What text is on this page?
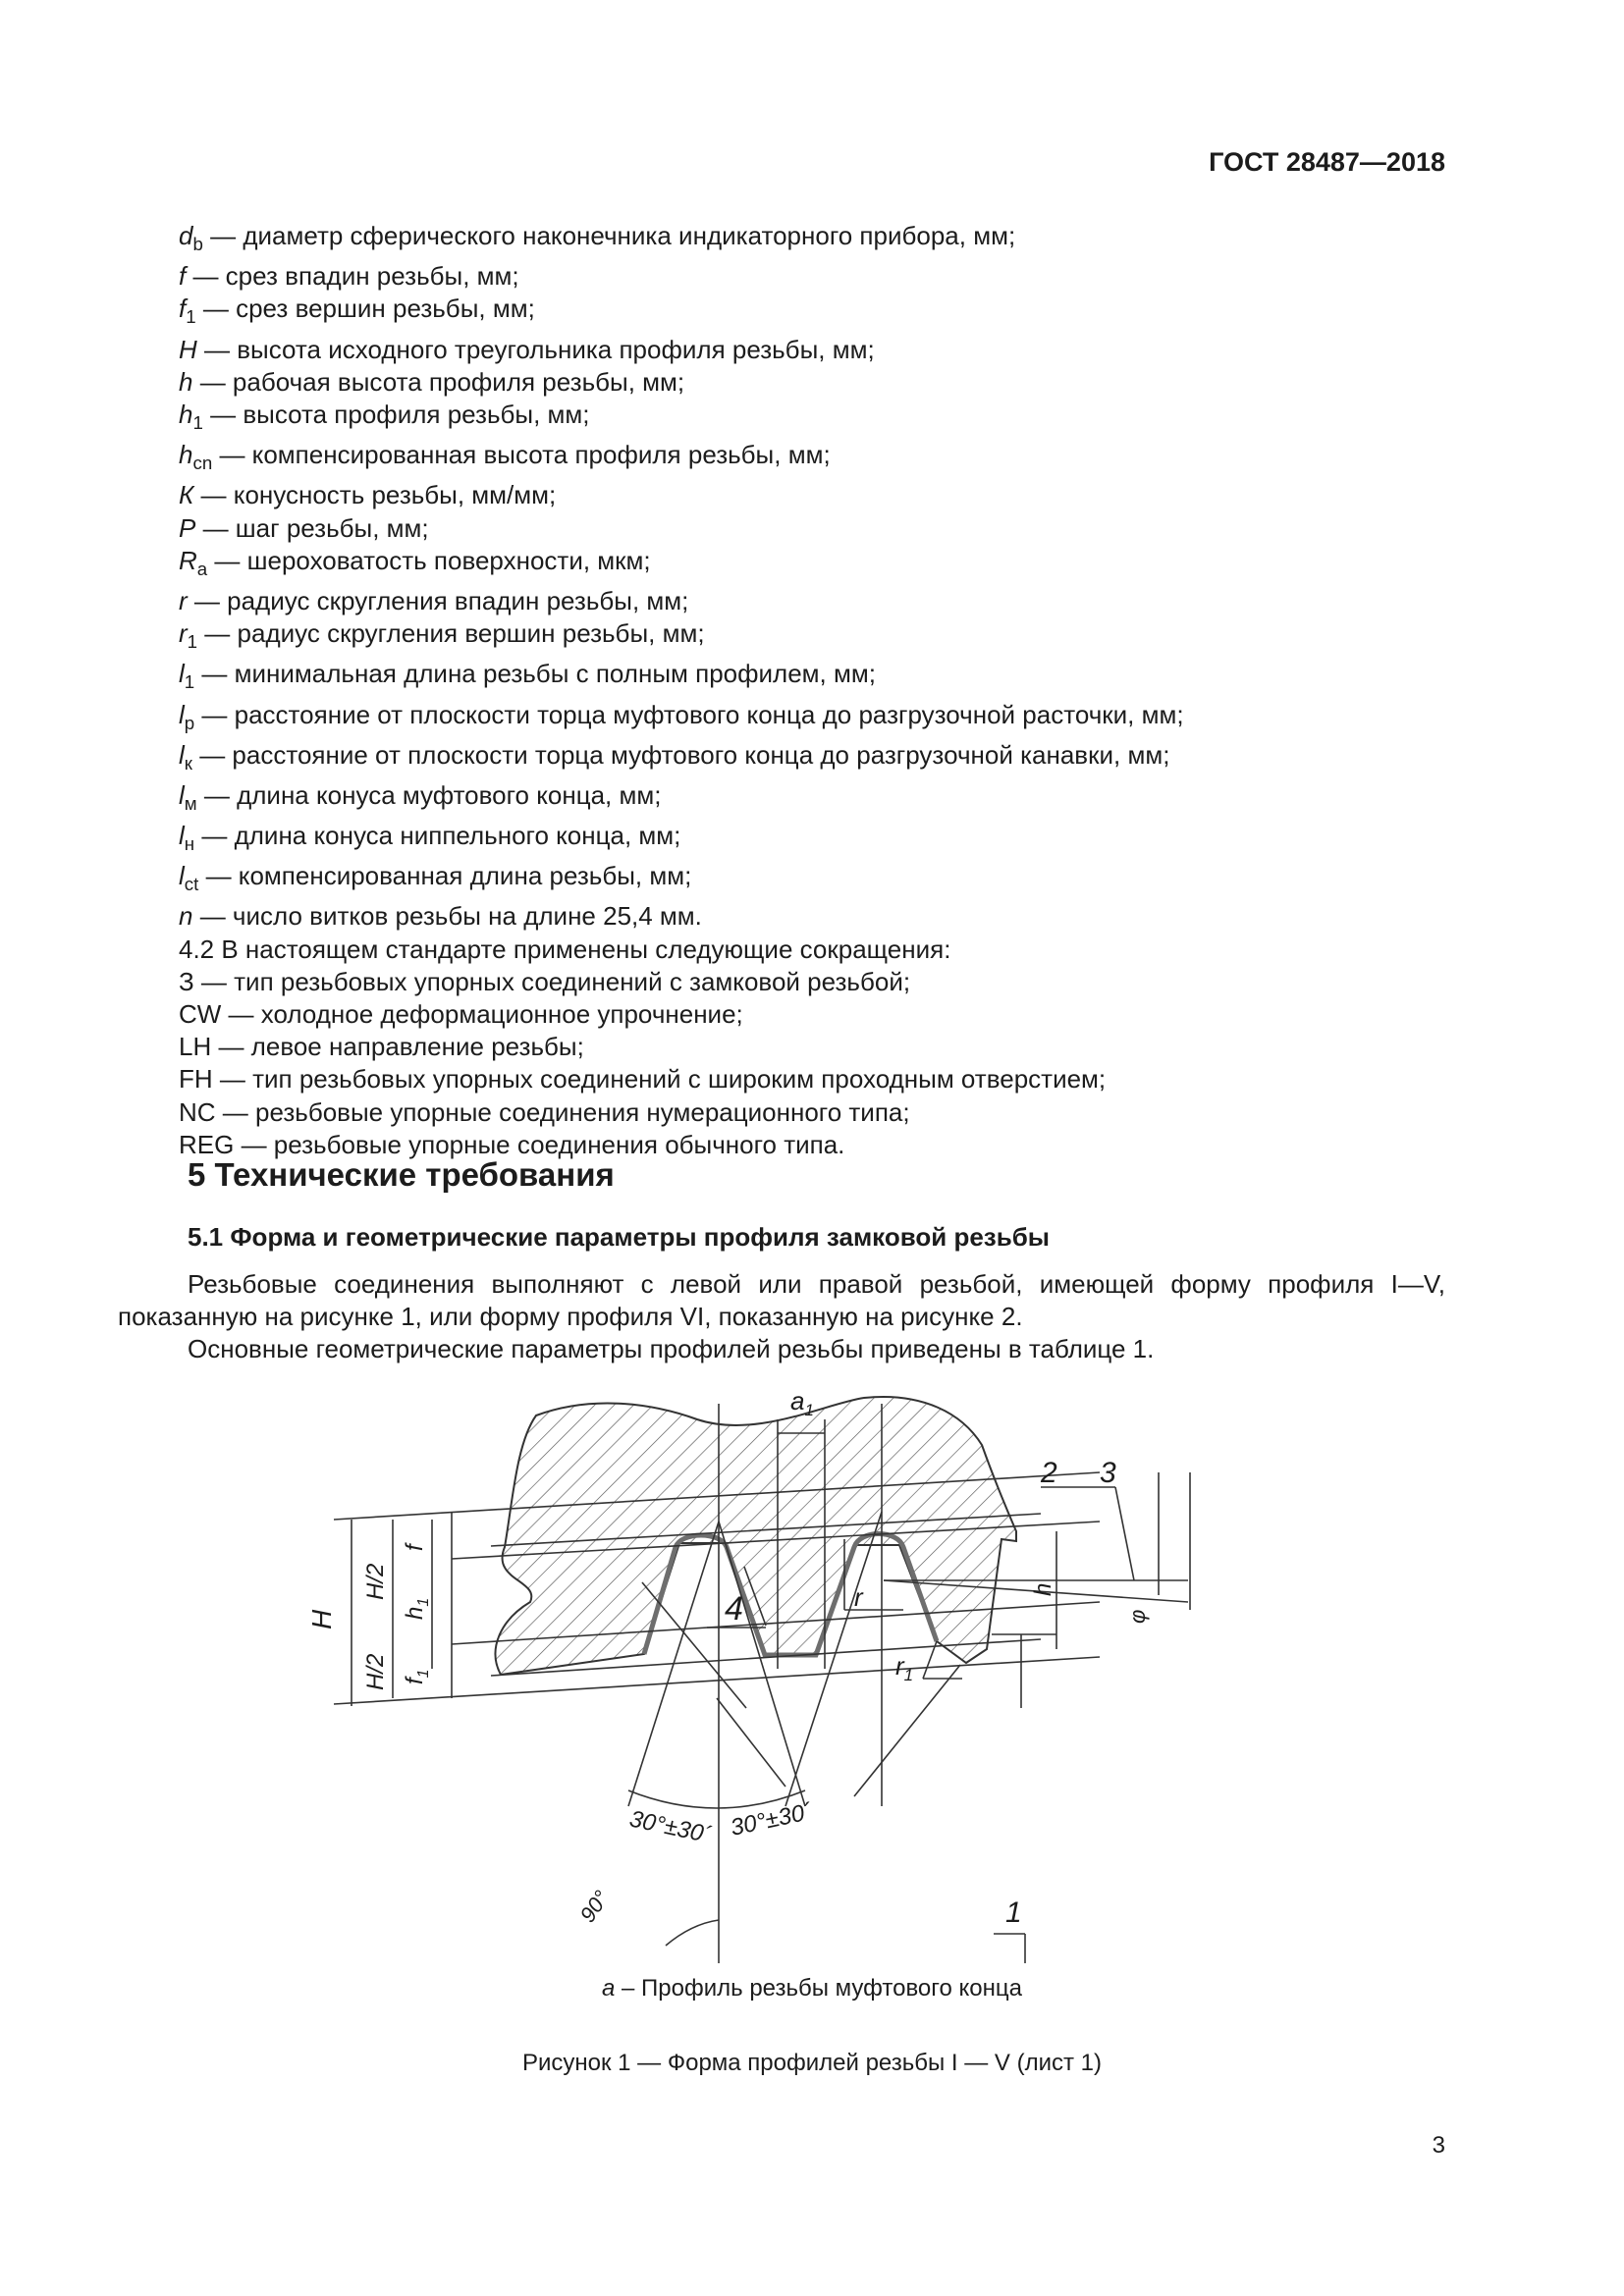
ГОСТ 28487—2018
$d_b$ — диаметр сферического наконечника индикаторного прибора, мм;
f — срез впадин резьбы, мм;
$f_1$ — срез вершин резьбы, мм;
H — высота исходного треугольника профиля резьбы, мм;
h — рабочая высота профиля резьбы, мм;
$h_1$ — высота профиля резьбы, мм;
$h_{cn}$ — компенсированная высота профиля резьбы, мм;
К — конусность резьбы, мм/мм;
P — шаг резьбы, мм;
$R_a$ — шероховатость поверхности, мкм;
r — радиус скругления впадин резьбы, мм;
$r_1$ — радиус скругления вершин резьбы, мм;
$l_1$ — минимальная длина резьбы с полным профилем, мм;
$l_p$ — расстояние от плоскости торца муфтового конца до разгрузочной расточки, мм;
$l_к$ — расстояние от плоскости торца муфтового конца до разгрузочной канавки, мм;
$l_м$ — длина конуса муфтового конца, мм;
$l_н$ — длина конуса ниппельного конца, мм;
$l_{ct}$ — компенсированная длина резьбы, мм;
n — число витков резьбы на длине 25,4 мм.
4.2 В настоящем стандарте применены следующие сокращения:
З — тип резьбовых упорных соединений с замковой резьбой;
CW — холодное деформационное упрочнение;
LH — левое направление резьбы;
FH — тип резьбовых упорных соединений с широким проходным отверстием;
NC — резьбовые упорные соединения нумерационного типа;
REG — резьбовые упорные соединения обычного типа.
5 Технические требования
5.1 Форма и геометрические параметры профиля замковой резьбы
Резьбовые соединения выполняют с левой или правой резьбой, имеющей форму профиля I—V, показанную на рисунке 1, или форму профиля VI, показанную на рисунке 2.
Основные геометрические параметры профилей резьбы приведены в таблице 1.
$a_1$
2 3
4
1
r
$r_1$
H
H/2
H/2
f
$h_1$
$f_1$
h
φ
30°±30´ 30°±30´
90°
а – Профиль резьбы муфтового конца
Рисунок 1 — Форма профилей резьбы I — V (лист 1)
3
